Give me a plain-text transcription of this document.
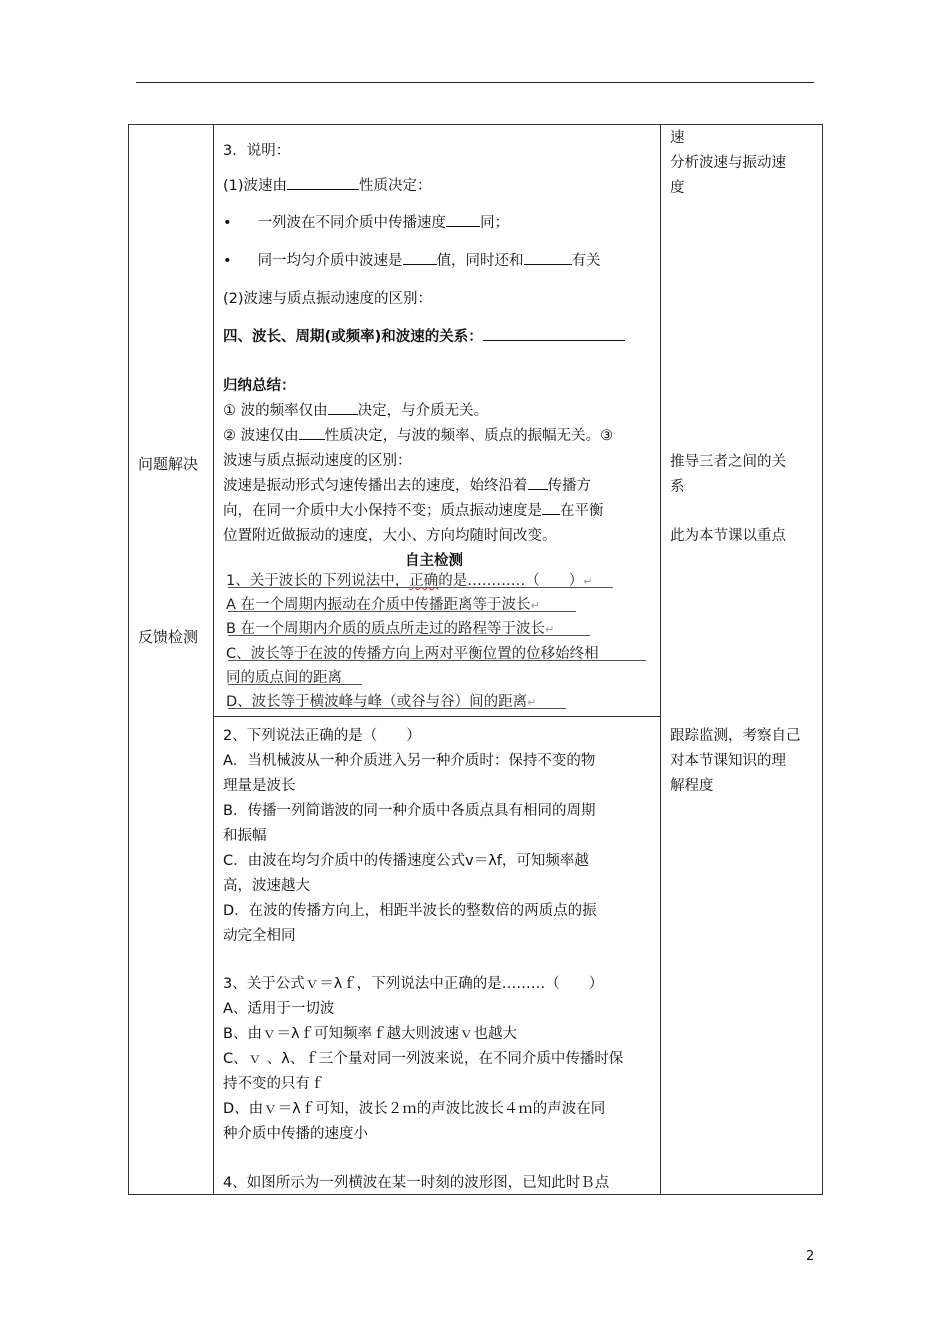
问题解决
反馈检测
3．说明：
(1)波速由	性质决定：
• 一列波在不同介质中传播速度 同；
• 同一均匀介质中波速是 值，同时还和	有关
(2)波速与质点振动速度的区别：
四、波长、周期(或频率)和波速的关系：
归纳总结：
① 波的频率仅由 决定，与介质无关。
② 波速仅由 性质决定，与波的频率、质点的振幅无关。③
波速与质点振动速度的区别：
波速是振动形式匀速传播出去的速度，始终沿着 传播方
向，在同一介质中大小保持不变；质点振动速度是 在平衡
位置附近做振动的速度，大小、方向均随时间改变。
自主检测
1、关于波长的下列说法中，正确的是…………（　　）↵
A 在一个周期内振动在介质中传播距离等于波长↵
B 在一个周期内介质的质点所走过的路程等于波长↵
C、波长等于在波的传播方向上两对平衡位置的位移始终相
同的质点间的距离
D、波长等于横波峰与峰（或谷与谷）间的距离↵
2、下列说法正确的是（　　）
A．当机械波从一种介质进入另一种介质时：保持不变的物
理量是波长
B．传播一列简谐波的同一种介质中各质点具有相同的周期
和振幅
C．由波在均匀介质中的传播速度公式v＝λf，可知频率越
高，波速越大
D．在波的传播方向上，相距半波长的整数倍的两质点的振
动完全相同
3、关于公式ｖ＝λｆ，下列说法中正确的是………（　　）
A、适用于一切波
B、由ｖ＝λｆ可知频率ｆ越大则波速ｖ也越大
C、ｖ 、λ、ｆ三个量对同一列波来说，在不同介质中传播时保
持不变的只有ｆ
D、由ｖ＝λｆ可知，波长２ｍ的声波比波长４ｍ的声波在同
种介质中传播的速度小
4、如图所示为一列横波在某一时刻的波形图，已知此时Ｂ点
速
分析波速与振动速
度
推导三者之间的关
系
此为本节课以重点
跟踪监测，考察自己
对本节课知识的理
解程度
2
